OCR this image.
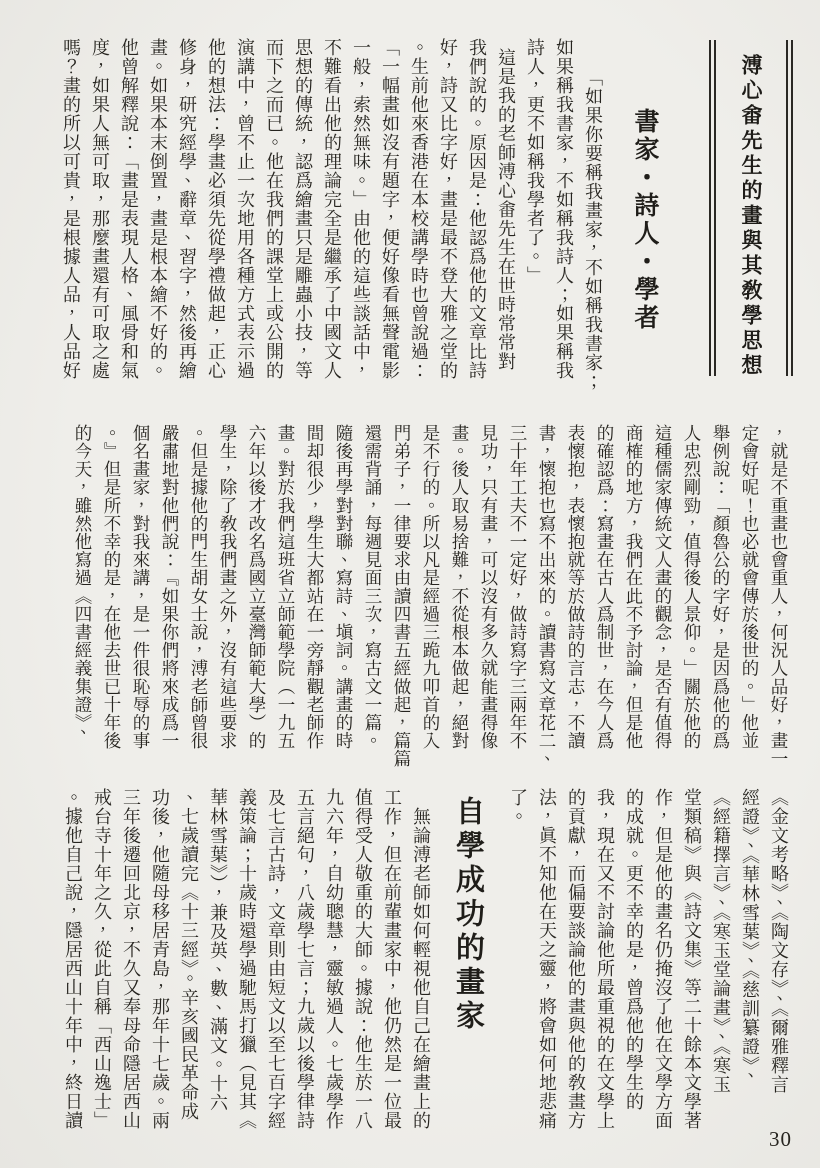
溥心畬先生的畫與其敎學思想
書家・詩人・學者
「如果你要稱我畫家，不如稱我書家；
如果稱我書家，不如稱我詩人；如果稱我
詩人，更不如稱我學者了。」
這是我的老師溥心畬先生在世時常常對
我們說的。原因是：他認爲他的文章比詩
好，詩又比字好，畫是最不登大雅之堂的
。生前他來香港在本校講學時也曾說過：
「一幅畫如沒有題字，便好像看無聲電影
一般，索然無味。」由他的這些談話中，
不難看出他的理論完全是繼承了中國文人
思想的傳統，認爲繪畫只是雕蟲小技，等
而下之而已。他在我們的課堂上或公開的
演講中，曾不止一次地用各種方式表示過
他的想法：學畫必須先從學禮做起，正心
修身，研究經學、辭章、習字，然後再繪
畫。如果本末倒置，畫是根本繪不好的。
他曾解釋說：「畫是表現人格、風骨和氣
度，如果人無可取，那麼畫還有可取之處
嗎？畫的所以可貴，是根據人品，人品好
，就是不重畫也會重人，何況人品好，畫一
定會好呢！也必就會傳於後世的。」他並
舉例說：「顏魯公的字好，是因爲他的爲
人忠烈剛勁，值得後人景仰。」關於他的
這種儒家傳統文人畫的觀念，是否有值得
商榷的地方，我們在此不予討論，但是他
的確認爲：寫畫在古人爲制世，在今人爲
表懷抱，表懷抱就等於做詩的言志，不讀
書，懷抱也寫不出來的。讀書寫文章花二、
三十年工夫不一定好，做詩寫字三兩年不
見功，只有畫，可以沒有多久就能畫得像
畫。後人取易捨難，不從根本做起，絕對
是不行的。所以凡是經過三跪九叩首的入
門弟子，一律要求由讀四書五經做起，篇篇
還需背誦，每週見面三次，寫古文一篇。
隨後再學對對聯、寫詩、塡詞。講畫的時
間却很少，學生大都站在一旁靜觀老師作
畫。對於我們這班省立師範學院（一九五
六年以後才改名爲國立臺灣師範大學）的
學生，除了敎我們畫之外，沒有這些要求
。但是據他的門生胡女士說，溥老師曾很
嚴肅地對他們說：『如果你們將來成爲一
個名畫家，對我來講，是一件很恥辱的事
。』但是所不幸的是，在他去世已十年後
的今天，雖然他寫過《四書經義集證》、
《金文考略》、《陶文存》、《爾雅釋言
經證》、《華林雪葉》、《慈訓纂證》、
《經籍擇言》、《寒玉堂論畫》、《寒玉
堂類稿》與《詩文集》等二十餘本文學著
作，但是他的畫名仍掩沒了他在文學方面
的成就。更不幸的是，曾爲他的學生的
我，現在又不討論他所最重視的在文學上
的貢獻，而偏要談論他的畫與他的敎畫方
法，眞不知他在天之靈，將會如何地悲痛
了。
自學成功的畫家
無論溥老師如何輕視他自己在繪畫上的
工作，但在前輩畫家中，他仍然是一位最
值得受人敬重的大師。據說：他生於一八
九六年，自幼聰慧，靈敏過人。七歲學作
五言絕句，八歲學七言；九歲以後學律詩
及七言古詩，文章則由短文以至七百字經
義策論；十歲時還學過馳馬打獵（見其《
華林雪葉》），兼及英、數、滿文。十六
、七歲讀完《十三經》。辛亥國民革命成
功後，他隨母移居青島，那年十七歲。兩
三年後遷回北京，不久又奉母命隱居西山
戒台寺十年之久，從此自稱「西山逸士」
。據他自己說，隱居西山十年中，終日讀
30
